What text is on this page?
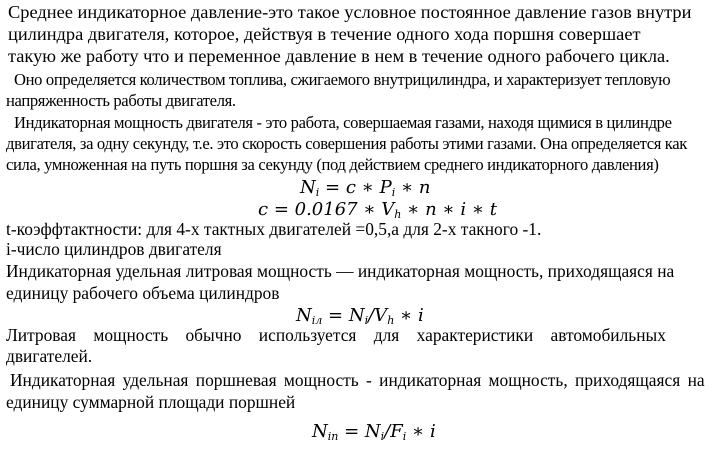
Среднее индикаторное давление-это такое условное постоянное давление газов внутри
цилиндра двигателя, которое, действуя в течение одного хода поршня совершает
такую же работу что и переменное давление в нем в течение одного рабочего цикла.
Оно определяется количеством топлива, сжигаемого внутрицилиндра, и характеризует тепловую
напряженность работы двигателя.
Индикаторная мощность двигателя - это работа, совершаемая газами, находя щимися в цилиндре
двигателя, за одну секунду, т.е. это скорость совершения работы этими газами. Она определяется как
сила, умноженная на путь поршня за секунду (под действием среднего индикаторного давления)
$N_i = c$ ∗ $P_i$ ∗ n
c = 0.0167 ∗ $V_h$ ∗ n ∗ i ∗ t
t-коэффтактности: для 4-х тактных двигателей =0,5,а для 2-х такного -1.
i-число цилиндров двигателя
Индикаторная удельная литровая мощность — индикаторная мощность, приходящаяся на
единицу рабочего объема цилиндров
$N_{iл} = N_i/V_h$ ∗ i
Литровая мощность обычно используется для характеристики автомобильных
двигателей.
Индикаторная удельная поршневая мощность - индикаторная мощность, приходящаяся на
единицу суммарной площади поршней
$N_{in} = N_i/F_i$ ∗ i
